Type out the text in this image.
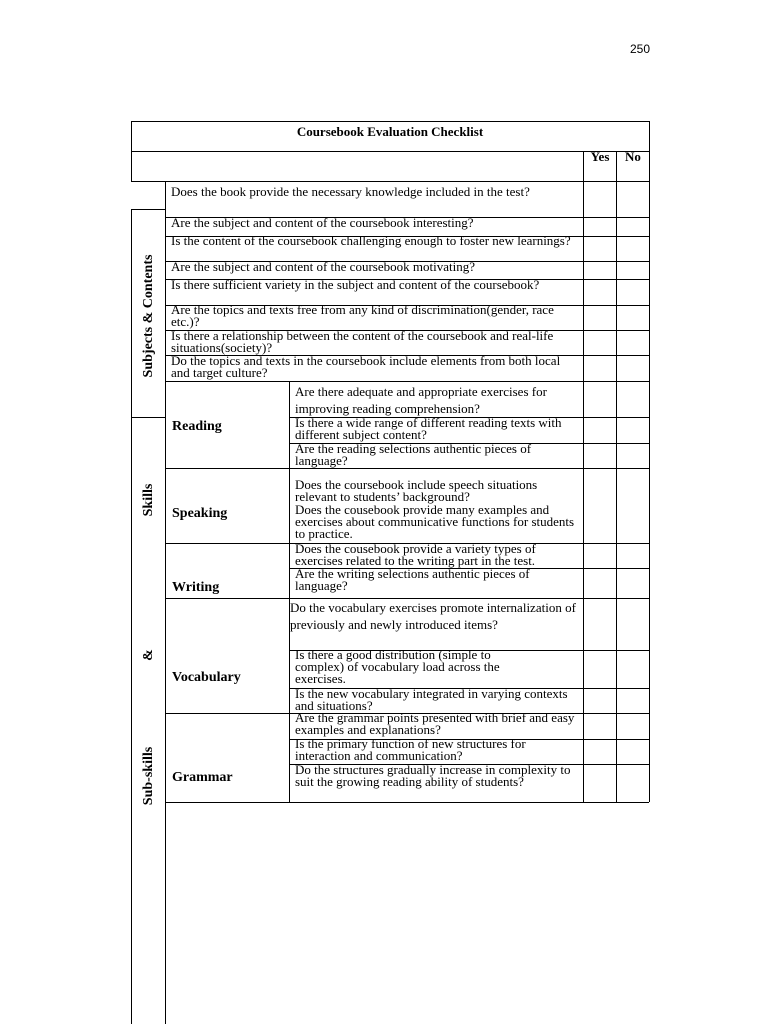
250
Coursebook Evaluation Checklist
Yes	No
Subjects & Contents
Skills
&
Sub-skills
Does the book provide the necessary knowledge included in the test?
Are the subject and content of the coursebook interesting?
Is the content of the coursebook challenging enough to foster new learnings?
Are the subject and content of the coursebook motivating?
Is there sufficient variety in the subject and content of the coursebook?
Are the topics and texts free from any kind of discrimination(gender, race etc.)?
Is there a relationship between the content of the coursebook and real-life situations(society)?
Do the topics and texts in the coursebook include elements from both local and target culture?
Reading
Are there adequate and appropriate exercises for improving reading comprehension?
Is there a wide range of different reading texts with different subject content?
Are the reading selections authentic pieces of language?
Speaking
Does the coursebook include speech situations relevant to students’ background?
Does the cousebook provide many examples and exercises about communicative functions for students to practice.
Writing
Does the cousebook provide a variety types of exercises related to the writing part in the test.
Are the writing selections authentic pieces of language?
Vocabulary
Do the vocabulary exercises promote internalization of previously and newly introduced items?
Is there a good distribution (simple to complex) of vocabulary load across the exercises.
Is the new vocabulary integrated in varying contexts and situations?
Grammar
Are the grammar points presented with brief and easy examples and explanations?
Is the primary function of new structures for interaction and communication?
Do the structures gradually increase in complexity to suit the growing reading ability of students?
